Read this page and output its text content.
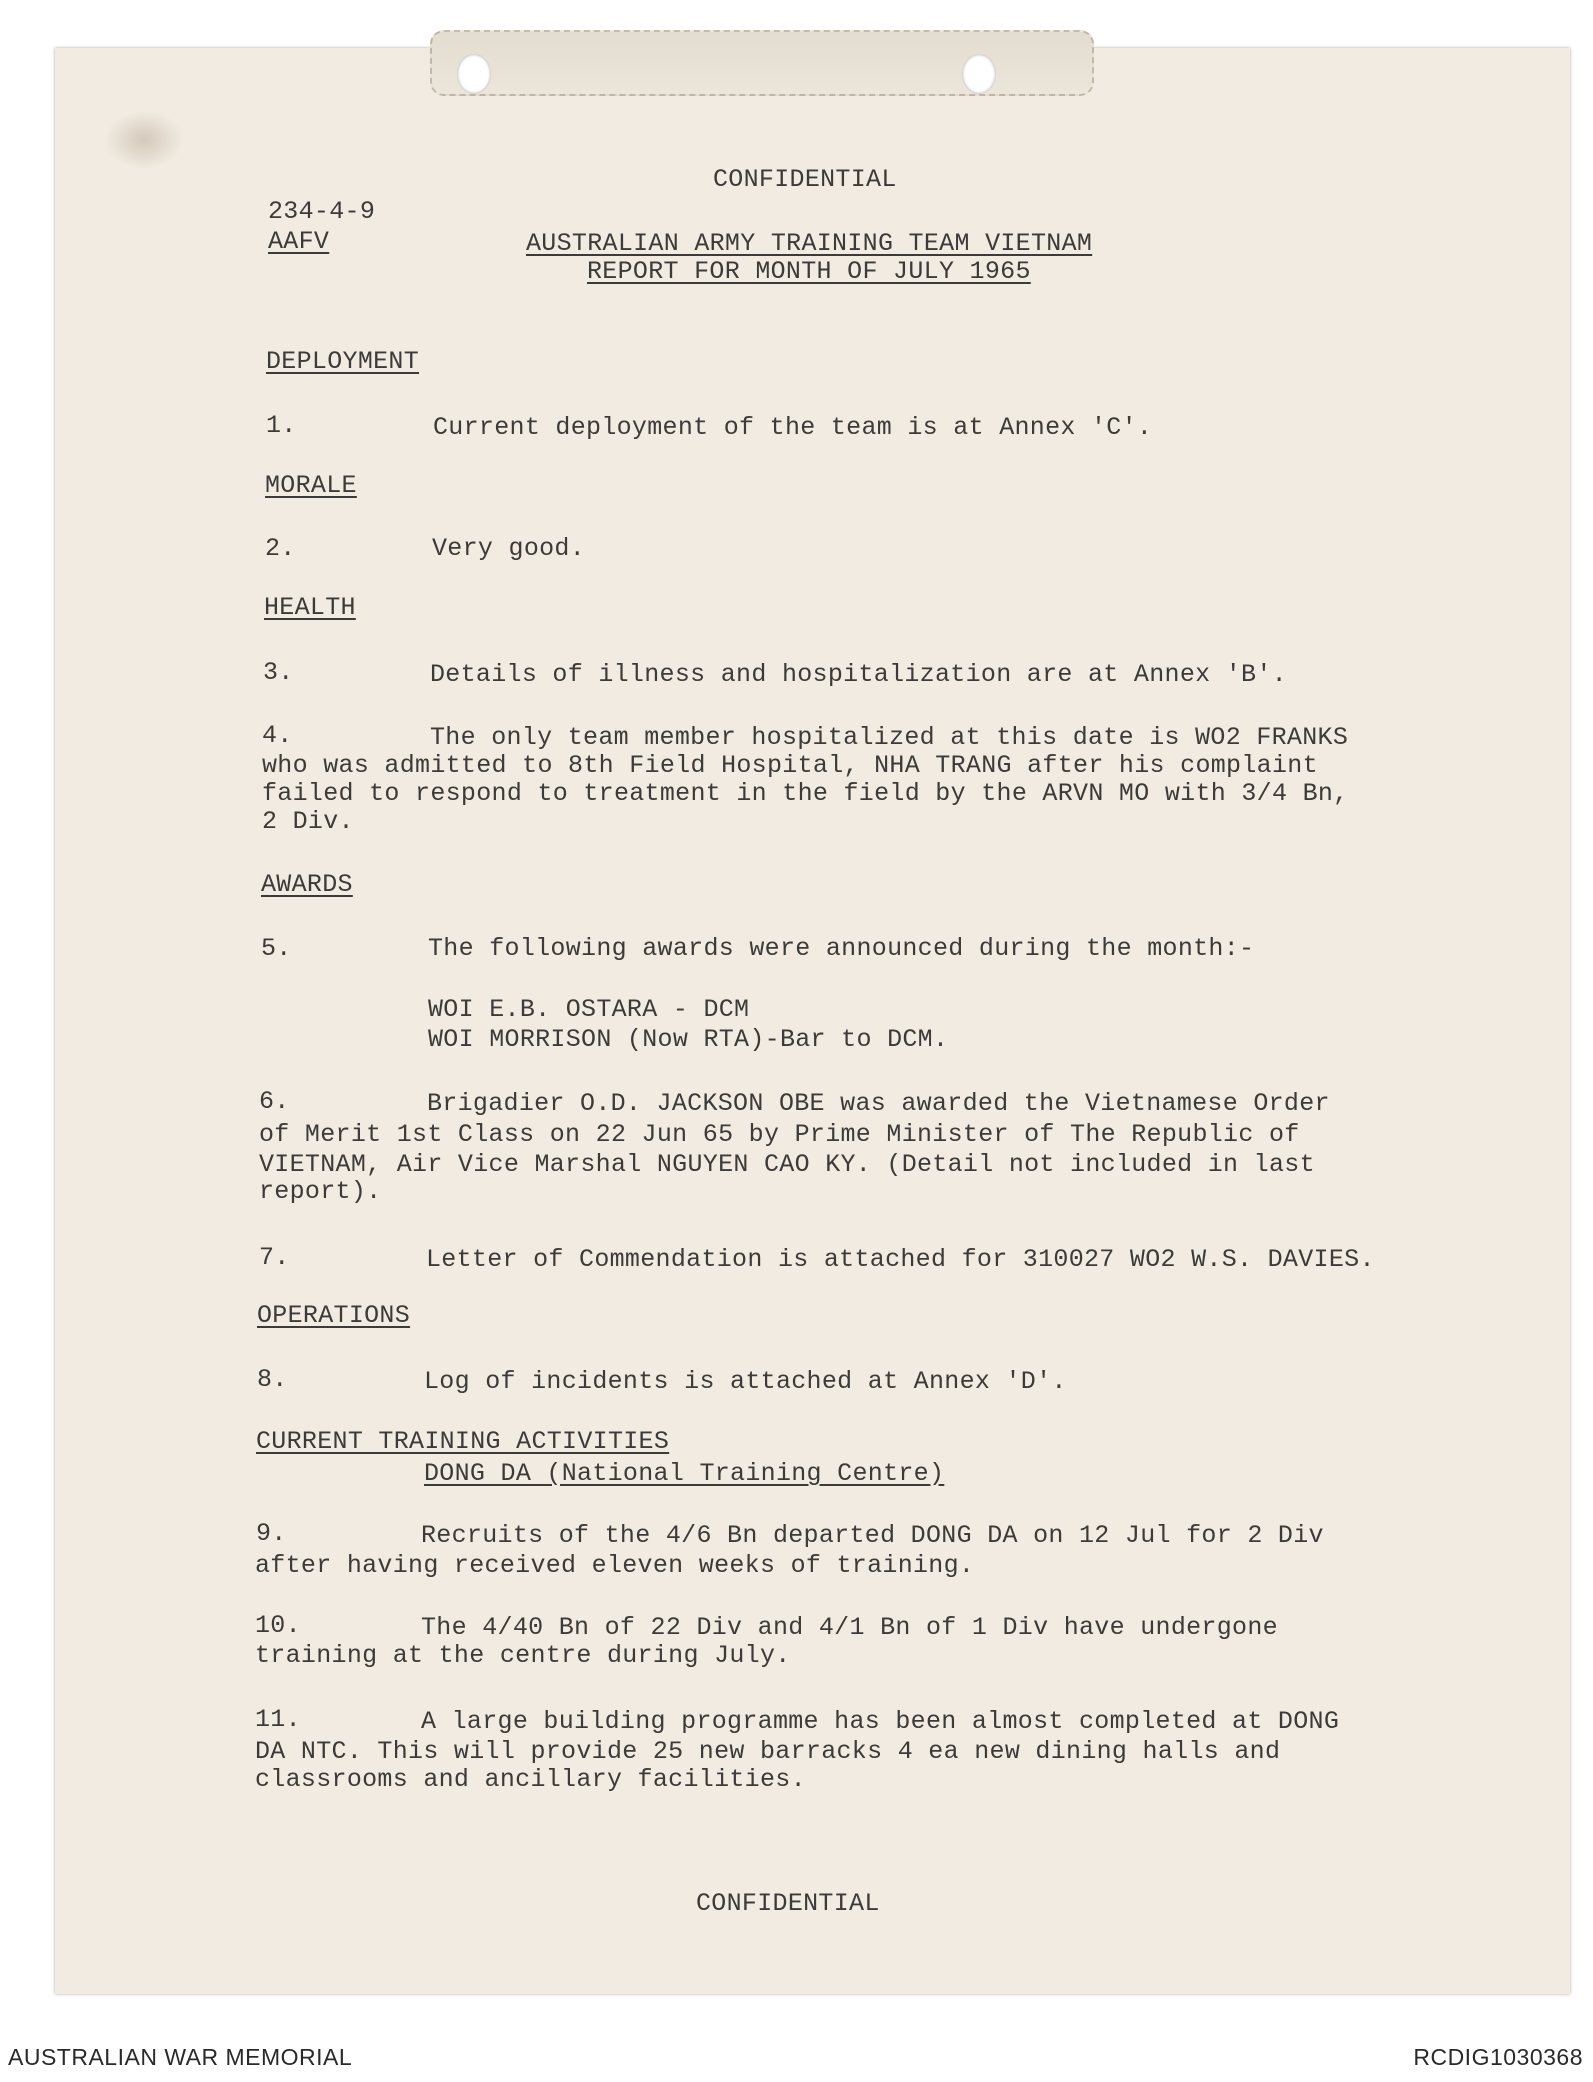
CONFIDENTIAL
234-4-9
AAFV	AUSTRALIAN ARMY TRAINING TEAM VIETNAM
REPORT FOR MONTH OF JULY 1965
DEPLOYMENT
1.	Current deployment of the team is at Annex 'C'.
MORALE
2.	Very good.
HEALTH
3.	Details of illness and hospitalization are at Annex 'B'.
4.	The only team member hospitalized at this date is WO2 FRANKS
who was admitted to 8th Field Hospital, NHA TRANG after his complaint
failed to respond to treatment in the field by the ARVN MO with 3/4 Bn,
2 Div.
AWARDS
5.	The following awards were announced during the month:-
WOI E.B. OSTARA - DCM
WOI MORRISON (Now RTA)-Bar to DCM.
6.	Brigadier O.D. JACKSON OBE was awarded the Vietnamese Order
of Merit 1st Class on 22 Jun 65 by Prime Minister of The Republic of
VIETNAM, Air Vice Marshal NGUYEN CAO KY. (Detail not included in last
report).
7.	Letter of Commendation is attached for 310027 WO2 W.S. DAVIES.
OPERATIONS
8.	Log of incidents is attached at Annex 'D'.
CURRENT TRAINING ACTIVITIES
DONG DA (National Training Centre)
9.	Recruits of the 4/6 Bn departed DONG DA on 12 Jul for 2 Div
after having received eleven weeks of training.
10.	The 4/40 Bn of 22 Div and 4/1 Bn of 1 Div have undergone
training at the centre during July.
11.	A large building programme has been almost completed at DONG
DA NTC. This will provide 25 new barracks 4 ea new dining halls and
classrooms and ancillary facilities.
CONFIDENTIAL
AUSTRALIAN WAR MEMORIAL	RCDIG1030368
